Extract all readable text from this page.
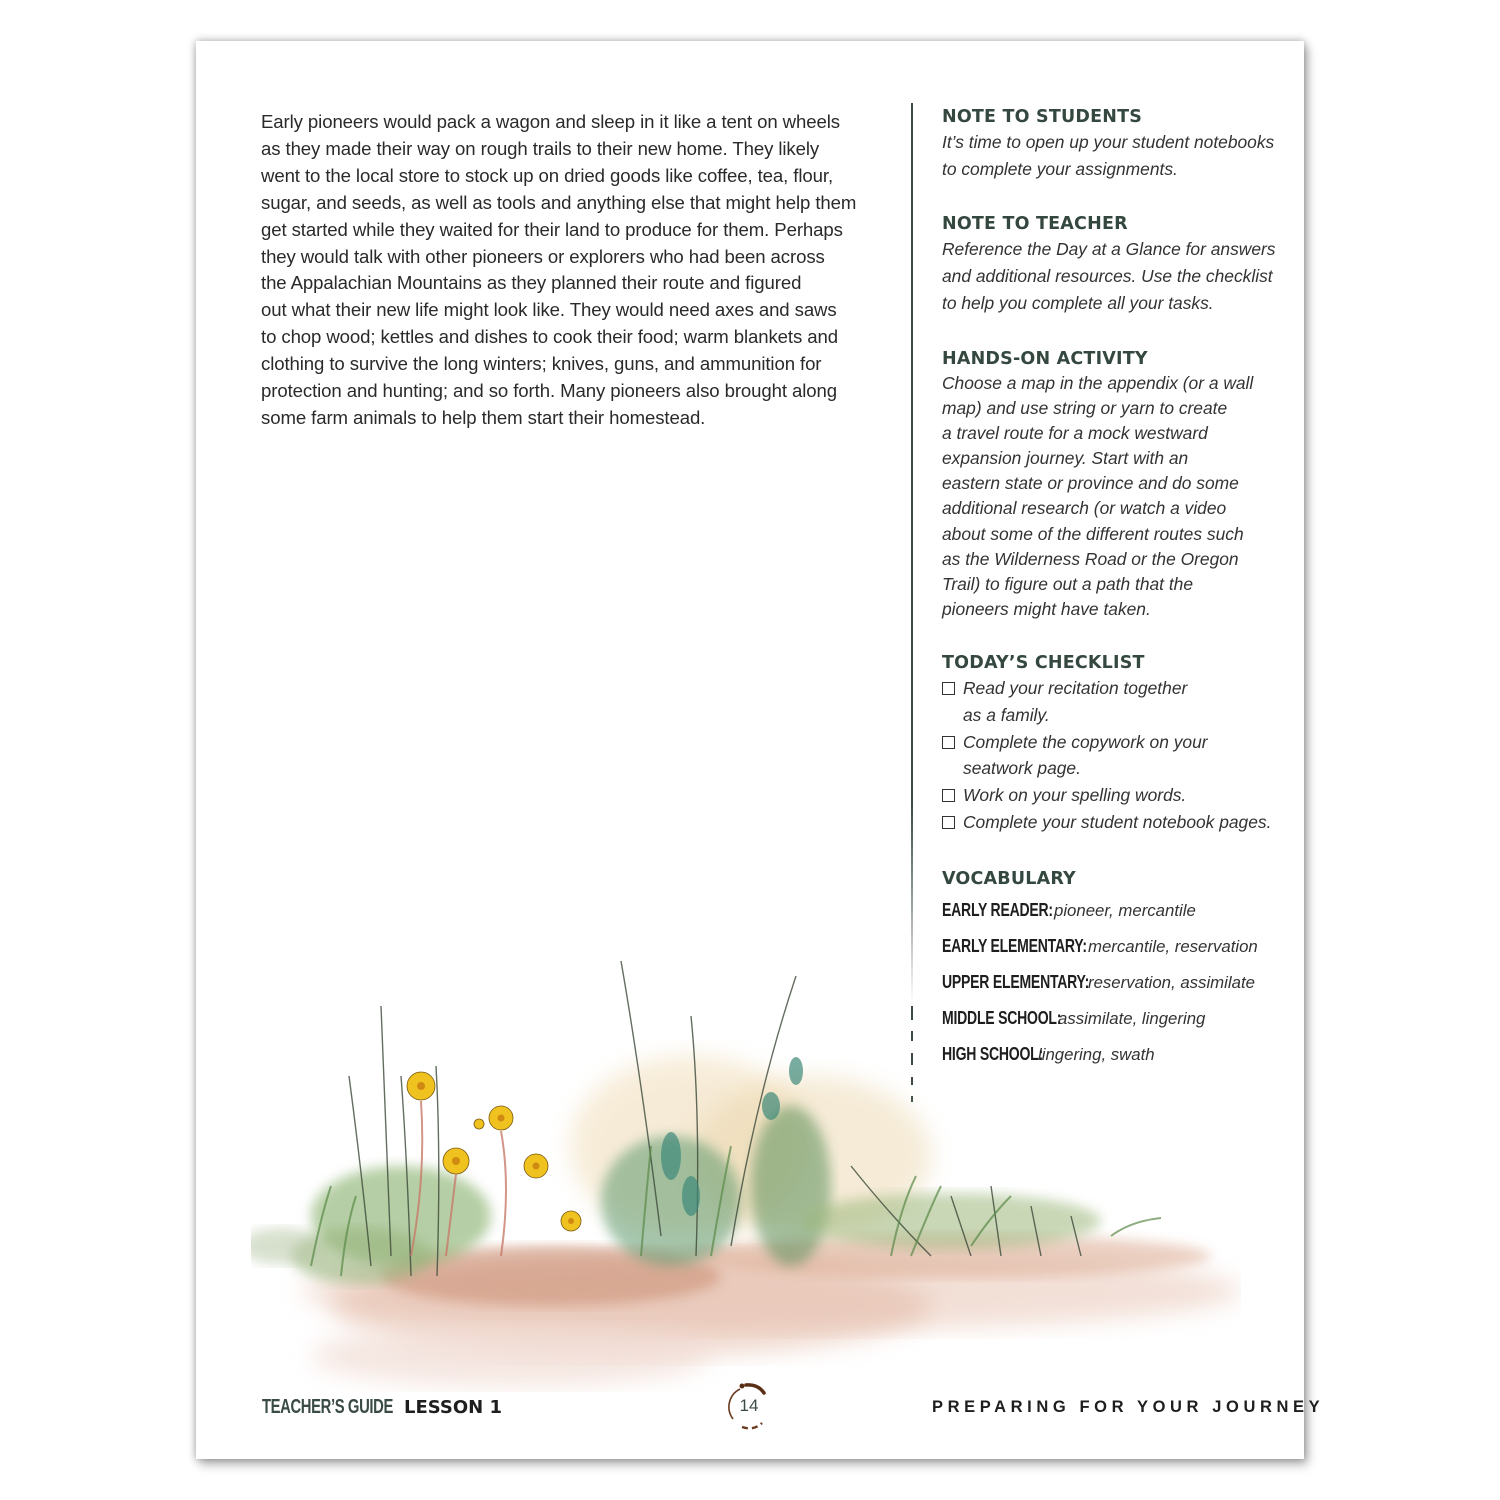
Early pioneers would pack a wagon and sleep in it like a tent on wheels
as they made their way on rough trails to their new home. They likely
went to the local store to stock up on dried goods like coffee, tea, flour,
sugar, and seeds, as well as tools and anything else that might help them
get started while they waited for their land to produce for them. Perhaps
they would talk with other pioneers or explorers who had been across
the Appalachian Mountains as they planned their route and figured
out what their new life might look like. They would need axes and saws
to chop wood; kettles and dishes to cook their food; warm blankets and
clothing to survive the long winters; knives, guns, and ammunition for
protection and hunting; and so forth. Many pioneers also brought along
some farm animals to help them start their homestead.
NOTE TO STUDENTS
It’s time to open up your student notebooks
to complete your assignments.
NOTE TO TEACHER
Reference the Day at a Glance for answers
and additional resources. Use the checklist
to help you complete all your tasks.
HANDS-ON ACTIVITY
Choose a map in the appendix (or a wall
map) and use string or yarn to create
a travel route for a mock westward
expansion journey. Start with an
eastern state or province and do some
additional research (or watch a video
about some of the different routes such
as the Wilderness Road or the Oregon
Trail) to figure out a path that the
pioneers might have taken.
TODAY’S CHECKLIST
Read your recitation together
as a family.
Complete the copywork on your
seatwork page.
Work on your spelling words.
Complete your student notebook pages.
VOCABULARY
EARLY READER:pioneer, mercantile
EARLY ELEMENTARY:mercantile, reservation
UPPER ELEMENTARY:reservation, assimilate
MIDDLE SCHOOL:assimilate, lingering
HIGH SCHOOL:lingering, swath
TEACHER’S GUIDE LESSON 1	14	PREPARING FOR YOUR JOURNEY
